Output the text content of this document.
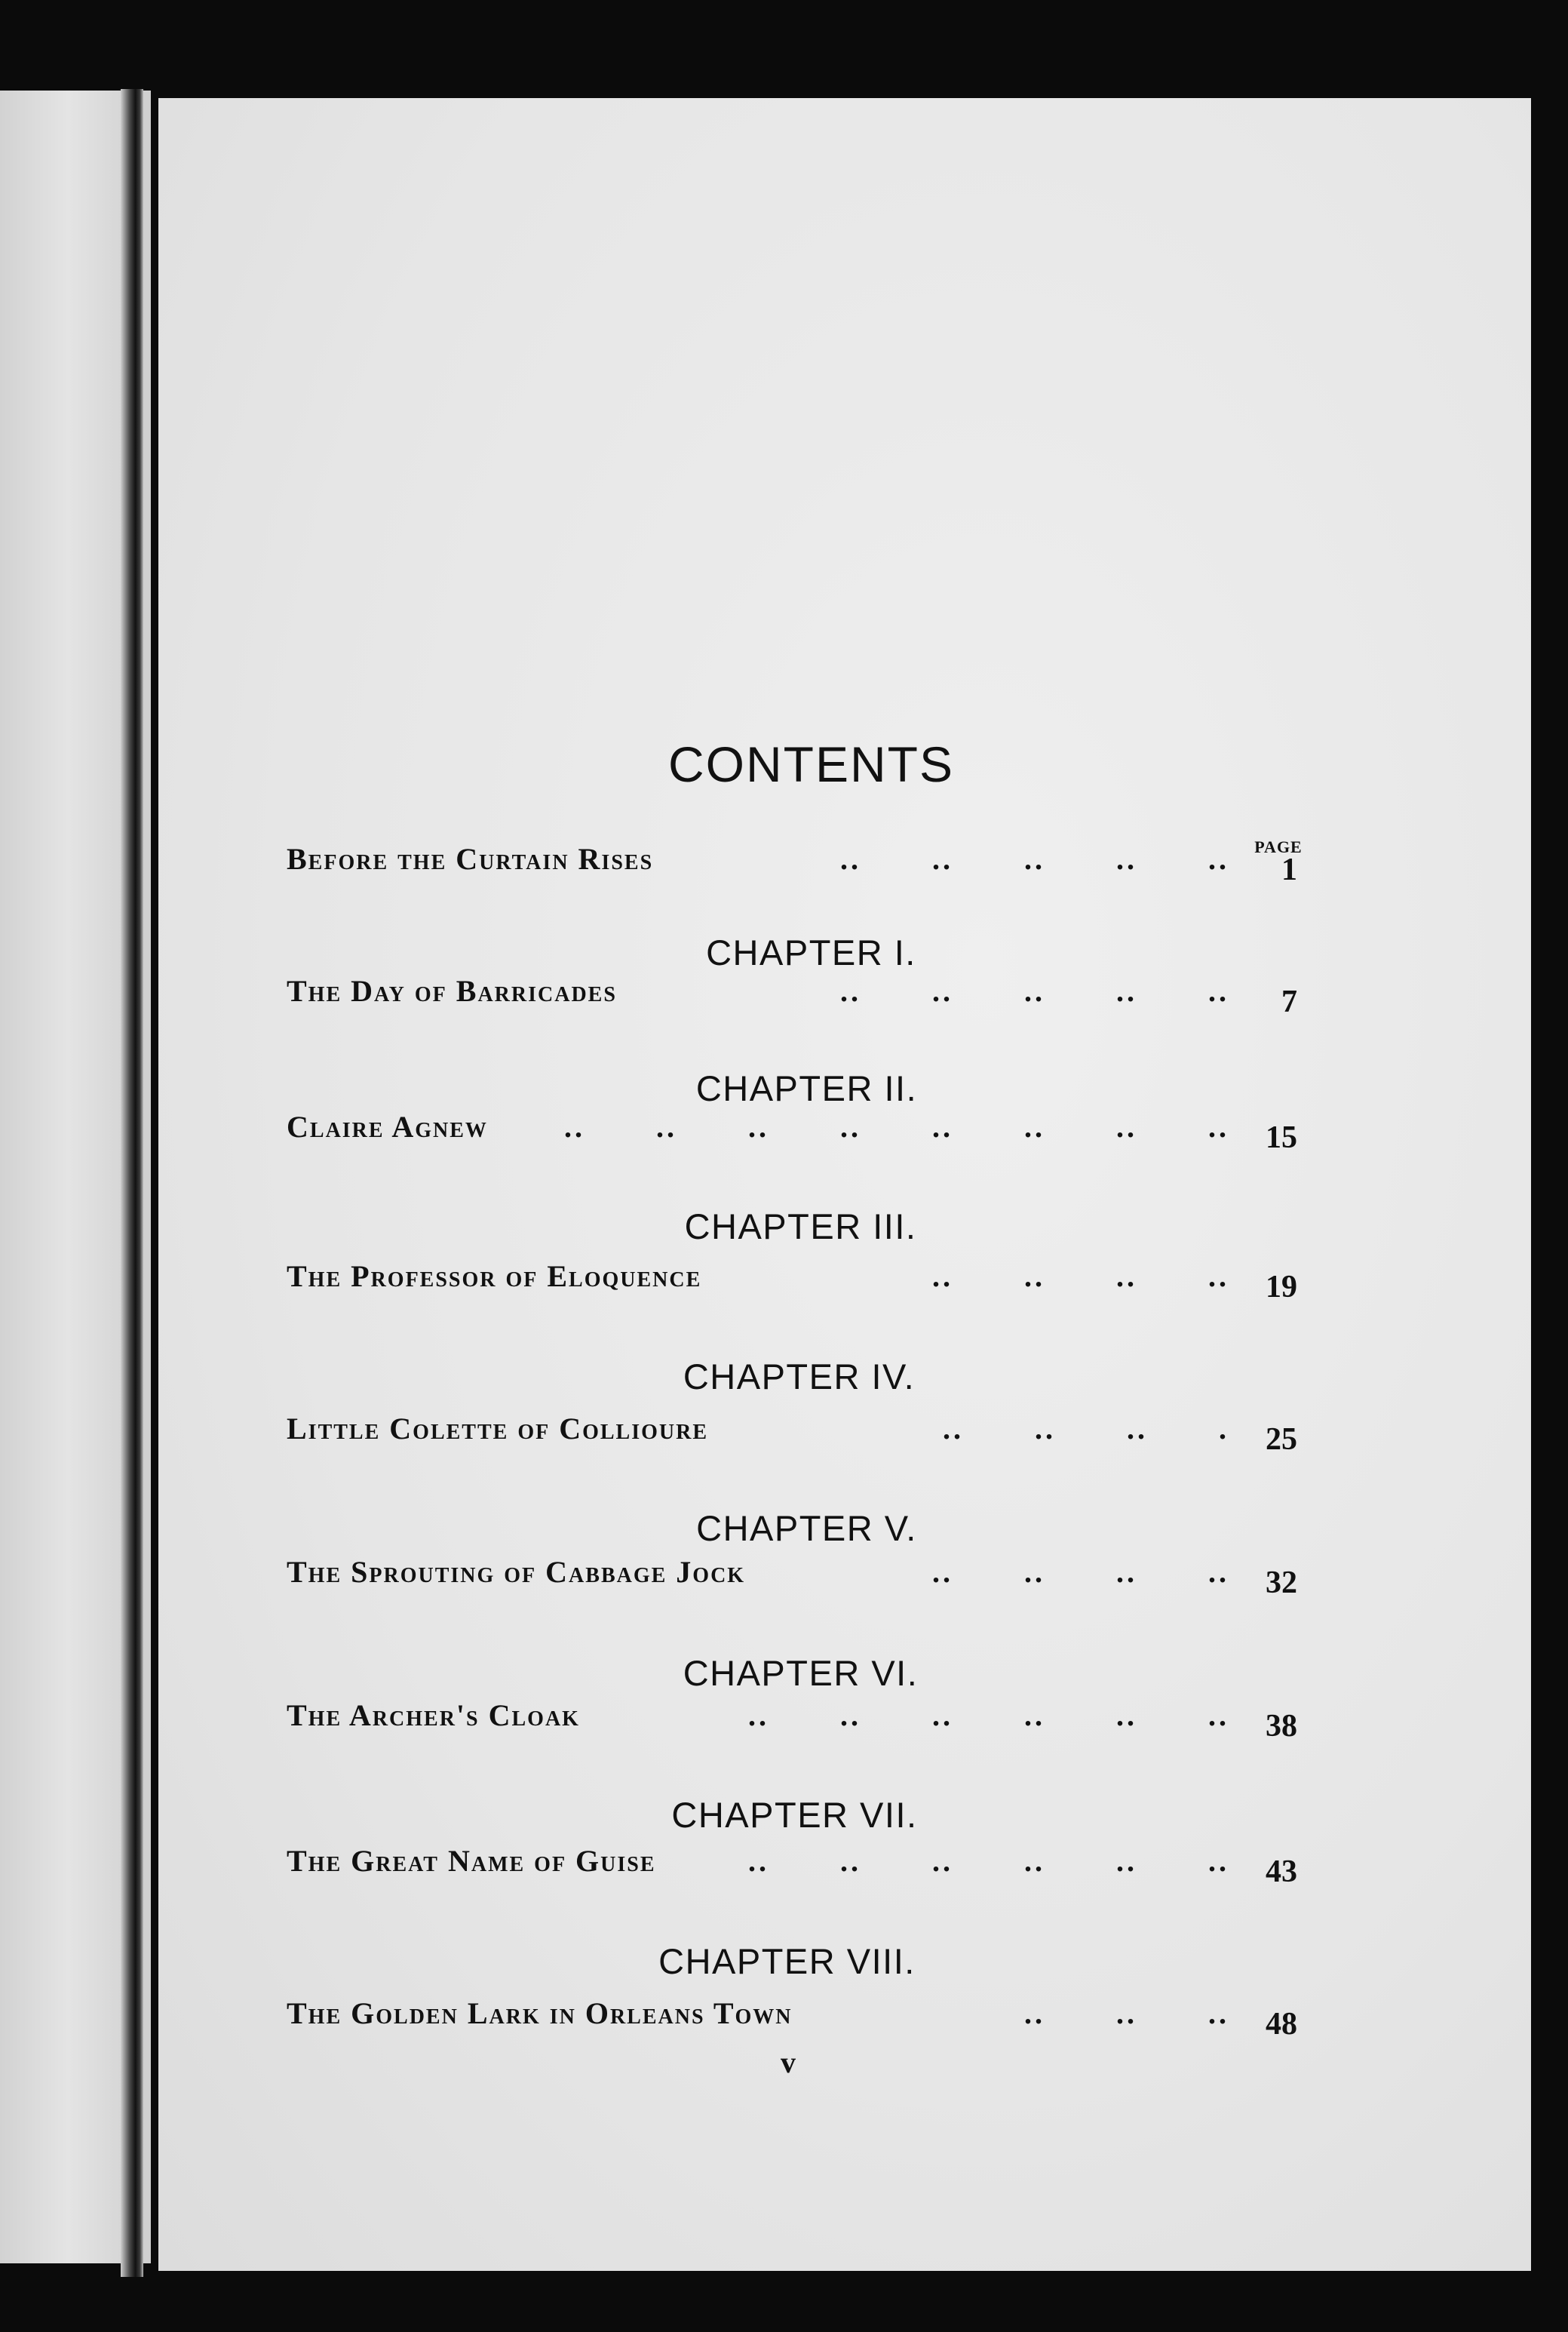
CONTENTS
PAGE
Before the Curtain Rises	.. .. .. .. ..	1
CHAPTER I.
The Day of Barricades	.. .. .. .. ..	7
CHAPTER II.
Claire Agnew	.. .. .. .. .. .. .. ..	15
CHAPTER III.
The Professor of Eloquence	.. .. .. ..	19
CHAPTER IV.
Little Colette of Collioure	.. .. .. .	25
CHAPTER V.
The Sprouting of Cabbage Jock	.. .. .. ..	32
CHAPTER VI.
The Archer's Cloak	.. .. .. .. .. ..	38
CHAPTER VII.
The Great Name of Guise	.. .. .. .. .. ..	43
CHAPTER VIII.
The Golden Lark in Orleans Town	.. .. ..	48
v
